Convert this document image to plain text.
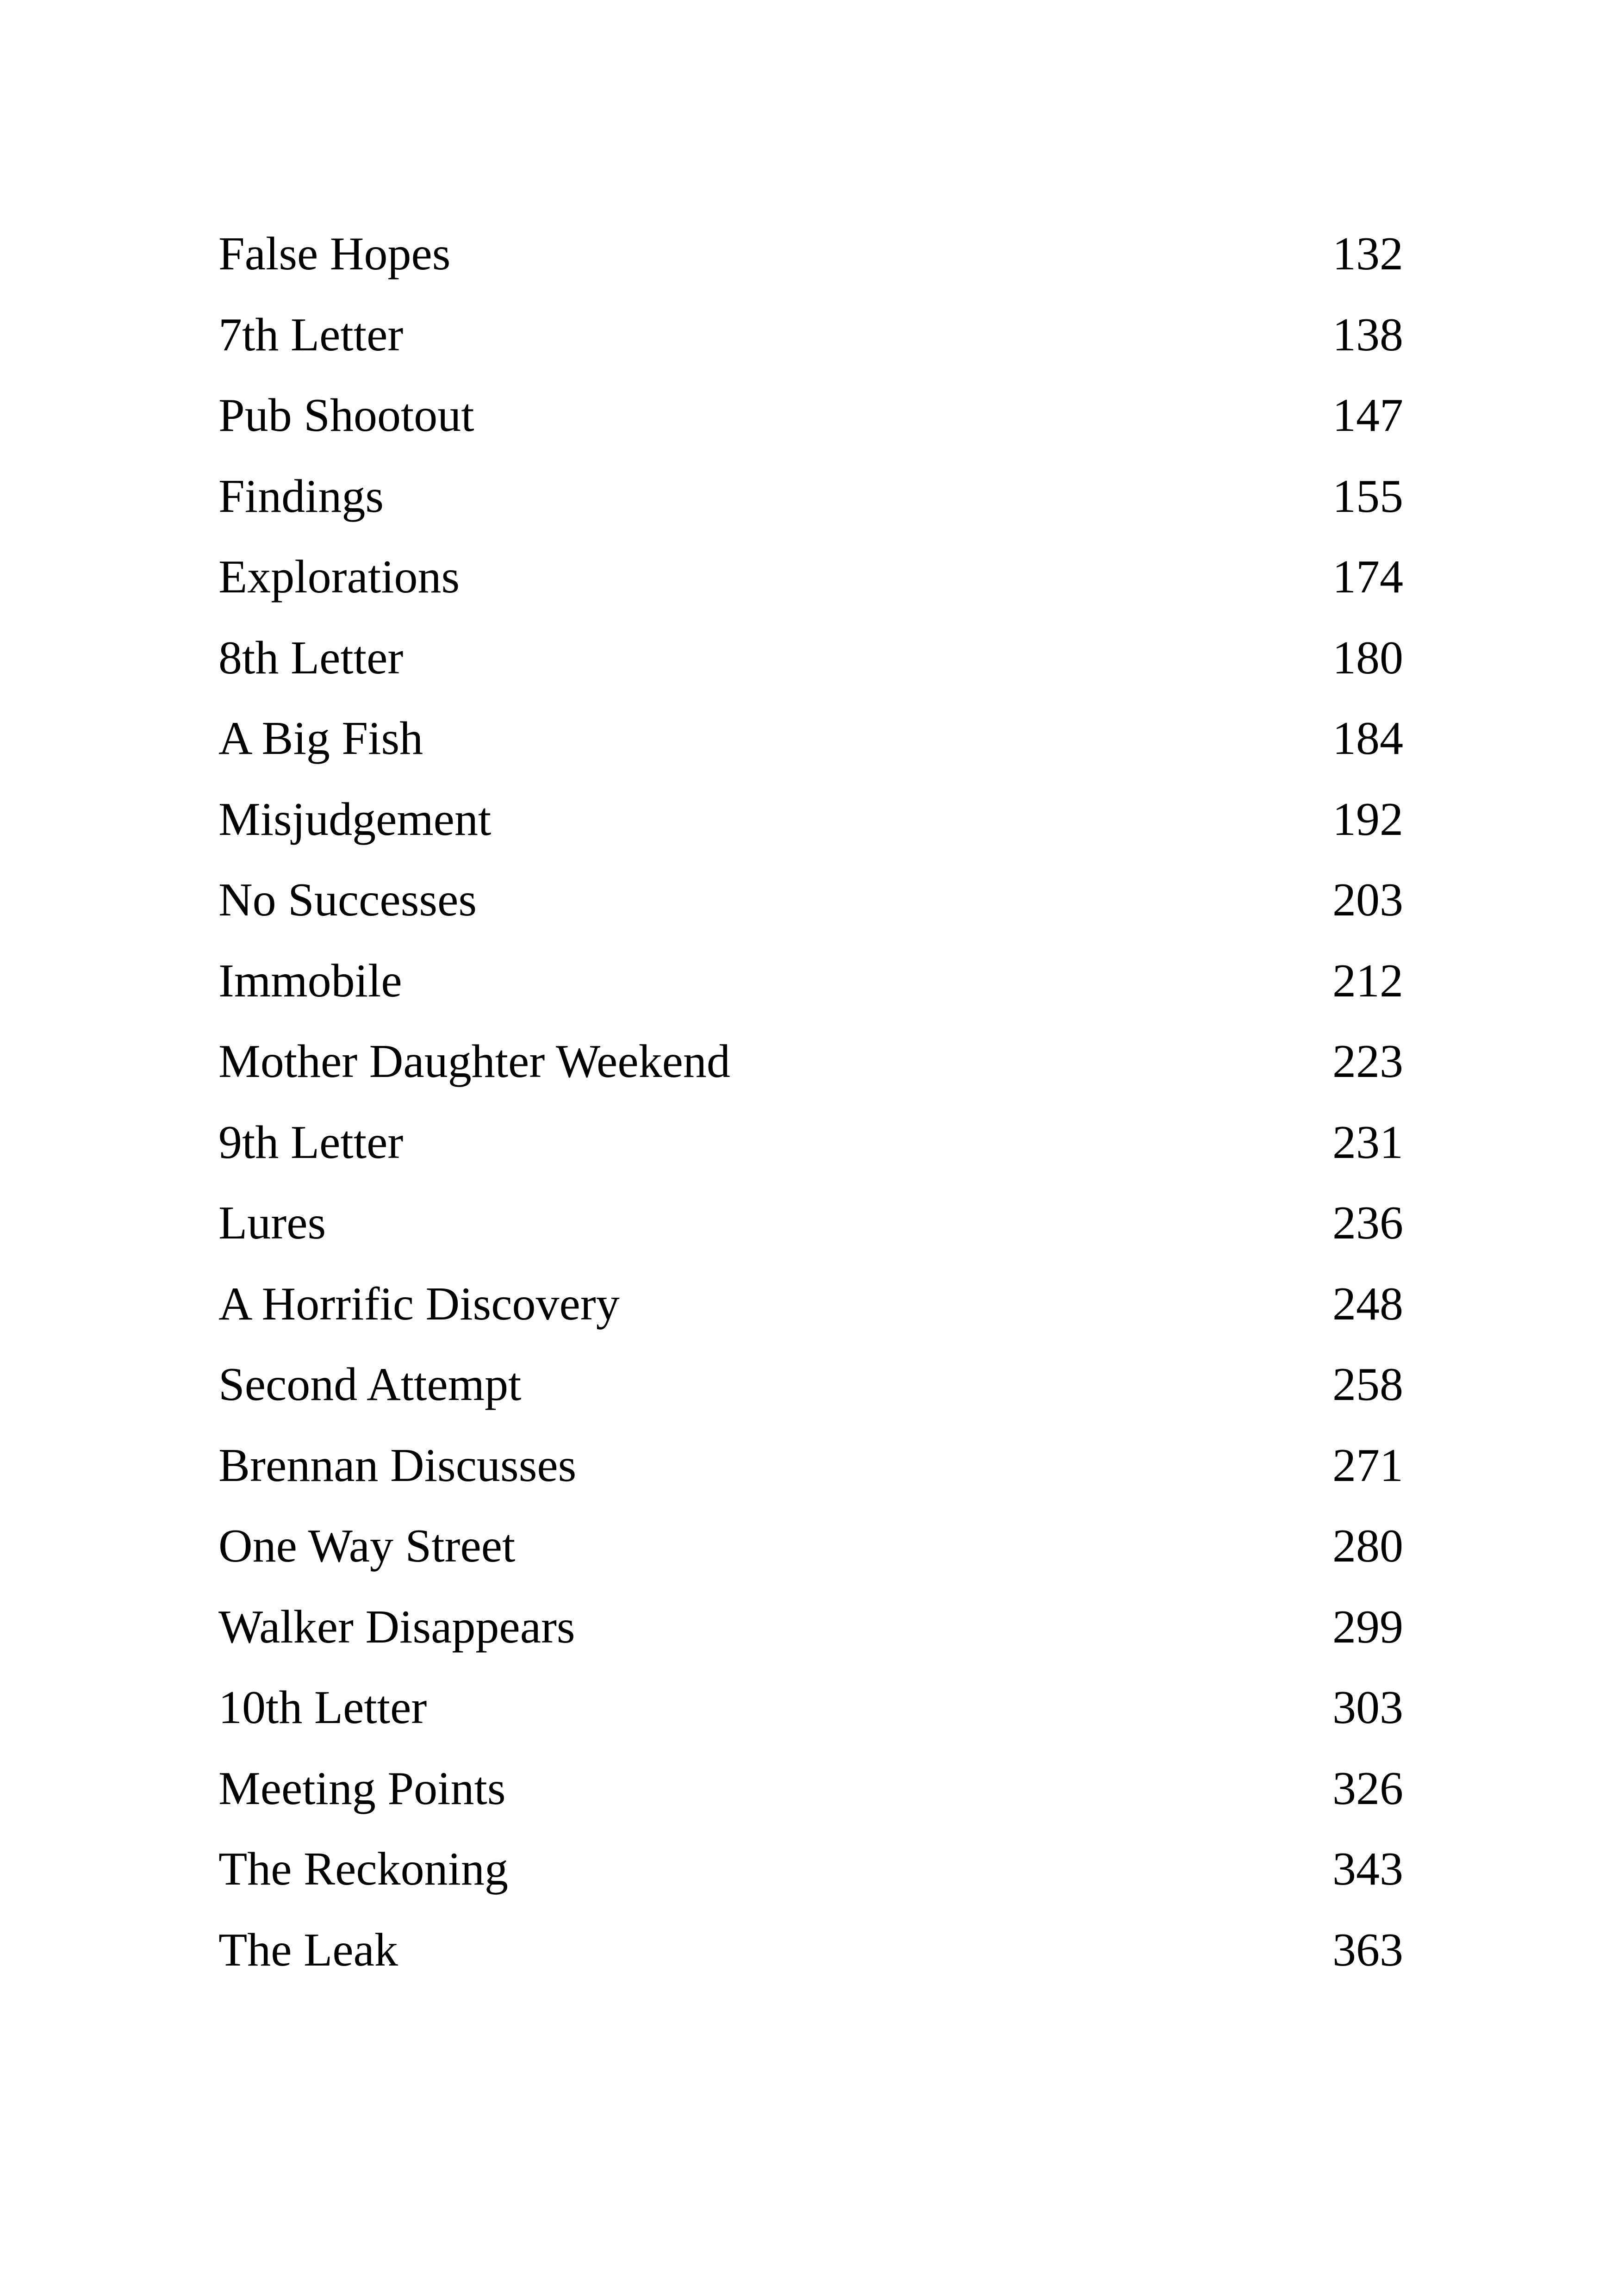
False Hopes	132
7th Letter	138
Pub Shootout	147
Findings	155
Explorations	174
8th Letter	180
A Big Fish	184
Misjudgement	192
No Successes	203
Immobile	212
Mother Daughter Weekend	223
9th Letter	231
Lures	236
A Horrific Discovery	248
Second Attempt	258
Brennan Discusses	271
One Way Street	280
Walker Disappears	299
10th Letter	303
Meeting Points	326
The Reckoning	343
The Leak	363
